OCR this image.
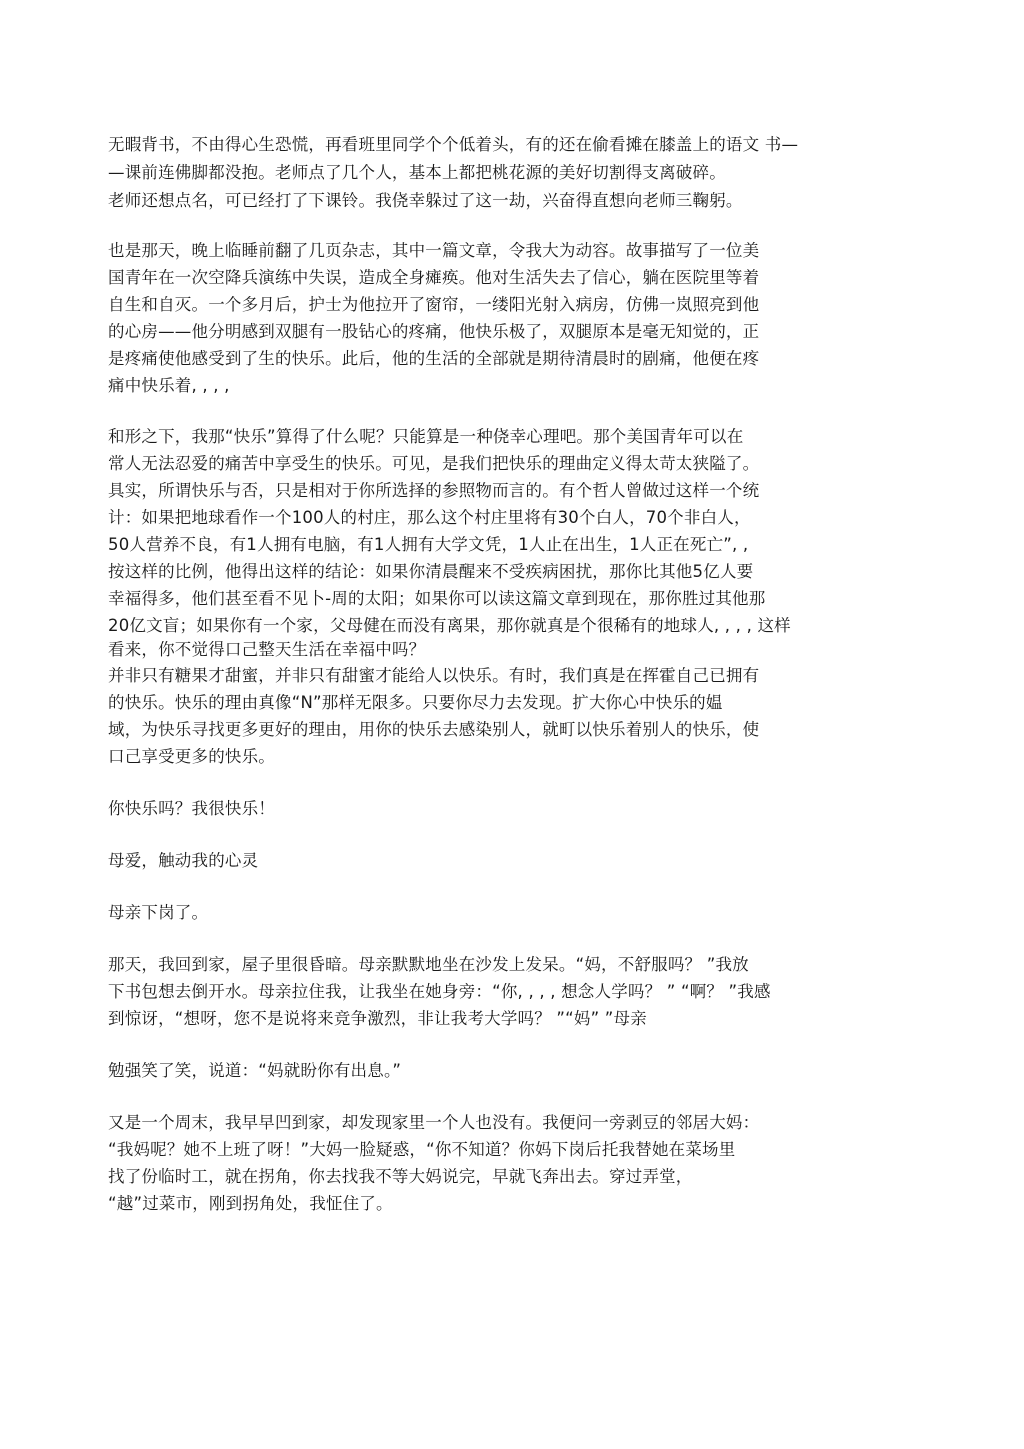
无暇背书，不由得心生恐慌，再看班里同学个个低着头，有的还在偷看摊在膝盖上的语文 书—
—课前连佛脚都没抱。老师点了几个人，基本上都把桃花源的美好切割得支离破碎。
老师还想点名，可已经打了下课铃。我侥幸躲过了这一劫，兴奋得直想向老师三鞠躬。
也是那天，晚上临睡前翻了几页杂志，其中一篇文章，令我大为动容。故事描写了一位美
国青年在一次空降兵演练中失误，造成全身瘫痪。他对生活失去了信心，躺在医院里等着
自生和自灭。一个多月后，护士为他拉开了窗帘，一缕阳光射入病房，仿佛一岚照亮到他
的心房——他分明感到双腿有一股钻心的疼痛，他快乐极了，双腿原本是毫无知觉的，正
是疼痛使他感受到了生的快乐。此后，他的生活的全部就是期待清晨时的剧痛，他便在疼
痛中快乐着, , , ,
和形之下，我那“快乐”算得了什么呢？只能算是一种侥幸心理吧。那个美国青年可以在
常人无法忍爱的痛苦中享受生的快乐。可见，是我们把快乐的理曲定义得太苛太狭隘了。
具实，所谓快乐与否，只是相对于你所选择的参照物而言的。有个哲人曾做过这样一个统
计：如果把地球看作一个100人的村庄，那么这个村庄里将有30个白人，70个非白人，
50人营养不良，有1人拥有电脑，有1人拥有大学文凭，1人止在出生，1人正在死亡”, ,
按这样的比例，他得出这样的结论：如果你清晨醒来不受疾病困扰，那你比其他5亿人要
幸福得多，他们甚至看不见卜-周的太阳；如果你可以读这篇文章到现在，那你胜过其他那
20亿文盲；如果你有一个家，父母健在而没有离果，那你就真是个很稀有的地球人, , , , 这样
看来，你不觉得口己整天生活在幸福中吗？
并非只有糖果才甜蜜，并非只有甜蜜才能给人以快乐。有时，我们真是在挥霍自己已拥有
的快乐。快乐的理由真像“N”那样无限多。只要你尽力去发现。扩大你心中快乐的媪
域，为快乐寻找更多更好的理由，用你的快乐去感染别人，就町以快乐着别人的快乐，使
口己享受更多的快乐。
你快乐吗？我很快乐！
母爱，触动我的心灵
母亲下岗了。
那天，我回到家，屋子里很昏暗。母亲默默地坐在沙发上发呆。“妈，不舒服吗？ ”我放
下书包想去倒开水。母亲拉住我，让我坐在她身旁：“你, , , , 想念人学吗？ ” “啊？ ”我感
到惊讶，“想呀，您不是说将来竞争激烈，非让我考大学吗？ ”“妈” ”母亲
勉强笑了笑，说道：“妈就盼你有出息。”
又是一个周末，我早早凹到家，却发现家里一个人也没有。我便问一旁剥豆的邻居大妈：
“我妈呢？她不上班了呀！”大妈一脸疑惑，“你不知道？你妈下岗后托我替她在菜场里
找了份临时工，就在拐角，你去找我不等大妈说完，早就飞奔出去。穿过弄堂，
“越”过菜市，刚到拐角处，我怔住了。
